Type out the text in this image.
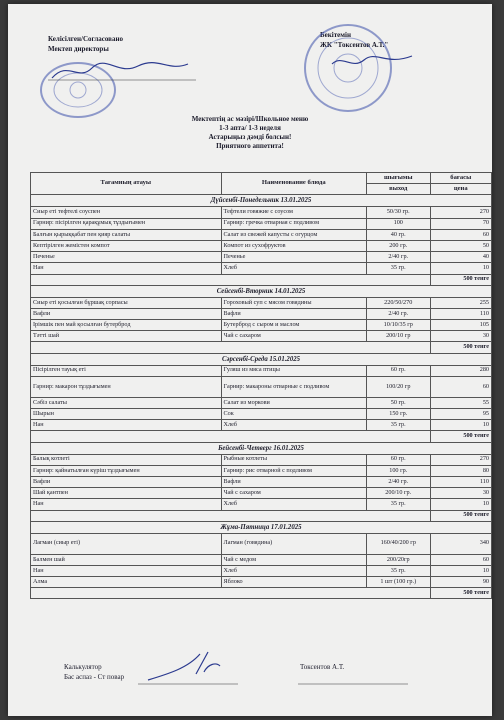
Келісілген/Согласовано
Мектеп директоры
Бекітемін
ЖК "Токсентов А.Т."
Мектептің ас мәзірі/Школьное меню
1-3 апта/ 1-3 неделя
Астарыңыз дәмді болсын!
Приятного аппетита!
Тағамның атауы	Наименование блюда	шығымы	бағасы
		выход	цена
Дүйсенбі-Понедельник 13.01.2025			
Сиыр еті тефтелі соуспен	Тефтели говяжие с соусом	50/30 гр.	270
Гарнир: пісірілген қарақұмық тұздығымен	Гарнир: гречка отварная с подливом	100	70
Балғын қырыққабат пен қияр салаты	Салат из свежей капусты с огурцом	40 гр.	60
Кептірілген жемістен компот	Компот из сухофруктов	200 гр.	50
Печенье	Печенье	2/40 гр.	40
Нан	Хлеб	35 гр.	10
			500 тенге
Сейсенбі-Вторник 14.01.2025			
Сиыр еті қосылған бұршақ сорпасы	Гороховый суп с мясом говядины	220/50/270	255
Вафли	Вафли	2/40 гр.	110
Ірімшік пен май қосылған бутерброд	Бутерброд с сыром и маслом	10/10/35 гр	105
Тәтті шай	Чай с сахаром	200/10 гр	30
			500 тенге
Сәрсенбі-Среда 15.01.2025			
Пісірілген тауық еті	Гуляш из мяса птицы	60 гр.	280
Гарнир: макарон тұздығымен	Гарнир: макароны отварные с подливом	100/20 гр	60
Сәбіз салаты	Салат из моркови	50 гр.	55
Шырын	Сок	150 гр.	95
Нан	Хлеб	35 гр.	10
			500 тенге
Бейсенбі-Четверг 16.01.2025			
Балық котлеті	Рыбные котлеты	60 гр.	270
Гарнир: қайнатылған күріш тұздығымен	Гарнир: рис отварной с подливом	100 гр.	80
Вафли	Вафли	2/40 гр.	110
Шай қантпен	Чай с сахаром	200/10 гр.	30
Нан	Хлеб	35 гр.	10
			500 тенге
Жұма-Пятница 17.01.2025			
Лагман (сиыр еті)	Лагман (говядина)	160/40/200 гр	340
Балмен шай	Чай с медом	200/20гр	60
Нан	Хлеб	35 гр.	10
Алма	Яблоко	1 шт (100 гр.)	90
			500 тенге
Калькулятор
Бас аспаз - Ст повар
Токсентов А.Т.
